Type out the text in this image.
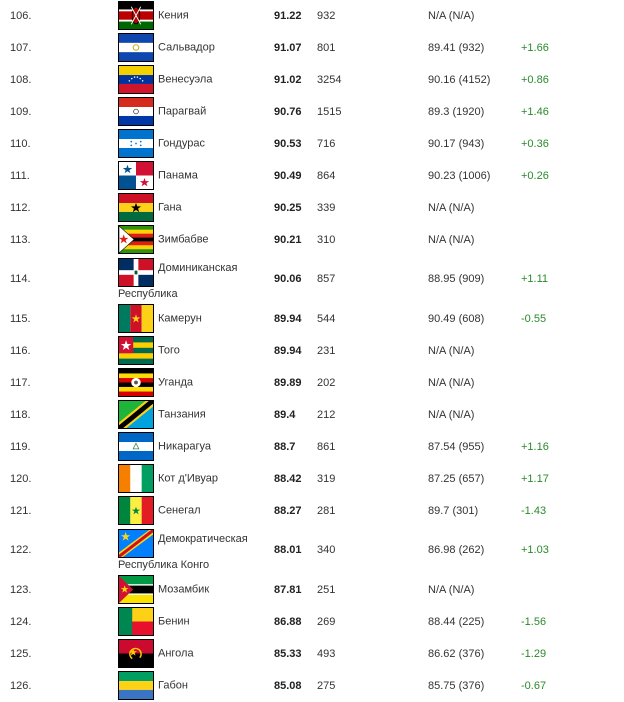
106.	Кения	91.22	932	N/A (N/A)	
107.	Сальвадор	91.07	801	89.41 (932)	+1.66
108.	Венесуэла	91.02	3254	90.16 (4152)	+0.86
109.	Парагвай	90.76	1515	89.3 (1920)	+1.46
110.	Гондурас	90.53	716	90.17 (943)	+0.36
111.	Панама	90.49	864	90.23 (1006)	+0.26
112.	Гана	90.25	339	N/A (N/A)	
113.	Зимбабве	90.21	310	N/A (N/A)	
114.	Доминиканская
Республика	90.06	857	88.95 (909)	+1.11
115.	Камерун	89.94	544	90.49 (608)	-0.55
116.	Того	89.94	231	N/A (N/A)	
117.	Уганда	89.89	202	N/A (N/A)	
118.	Танзания	89.4	212	N/A (N/A)	
119.	Никарагуа	88.7	861	87.54 (955)	+1.16
120.	Кот д'Ивуар	88.42	319	87.25 (657)	+1.17
121.	Сенегал	88.27	281	89.7 (301)	-1.43
122.	Демократическая
Республика Конго	88.01	340	86.98 (262)	+1.03
123.	Мозамбик	87.81	251	N/A (N/A)	
124.	Бенин	86.88	269	88.44 (225)	-1.56
125.	Ангола	85.33	493	86.62 (376)	-1.29
126.	Габон	85.08	275	85.75 (376)	-0.67
